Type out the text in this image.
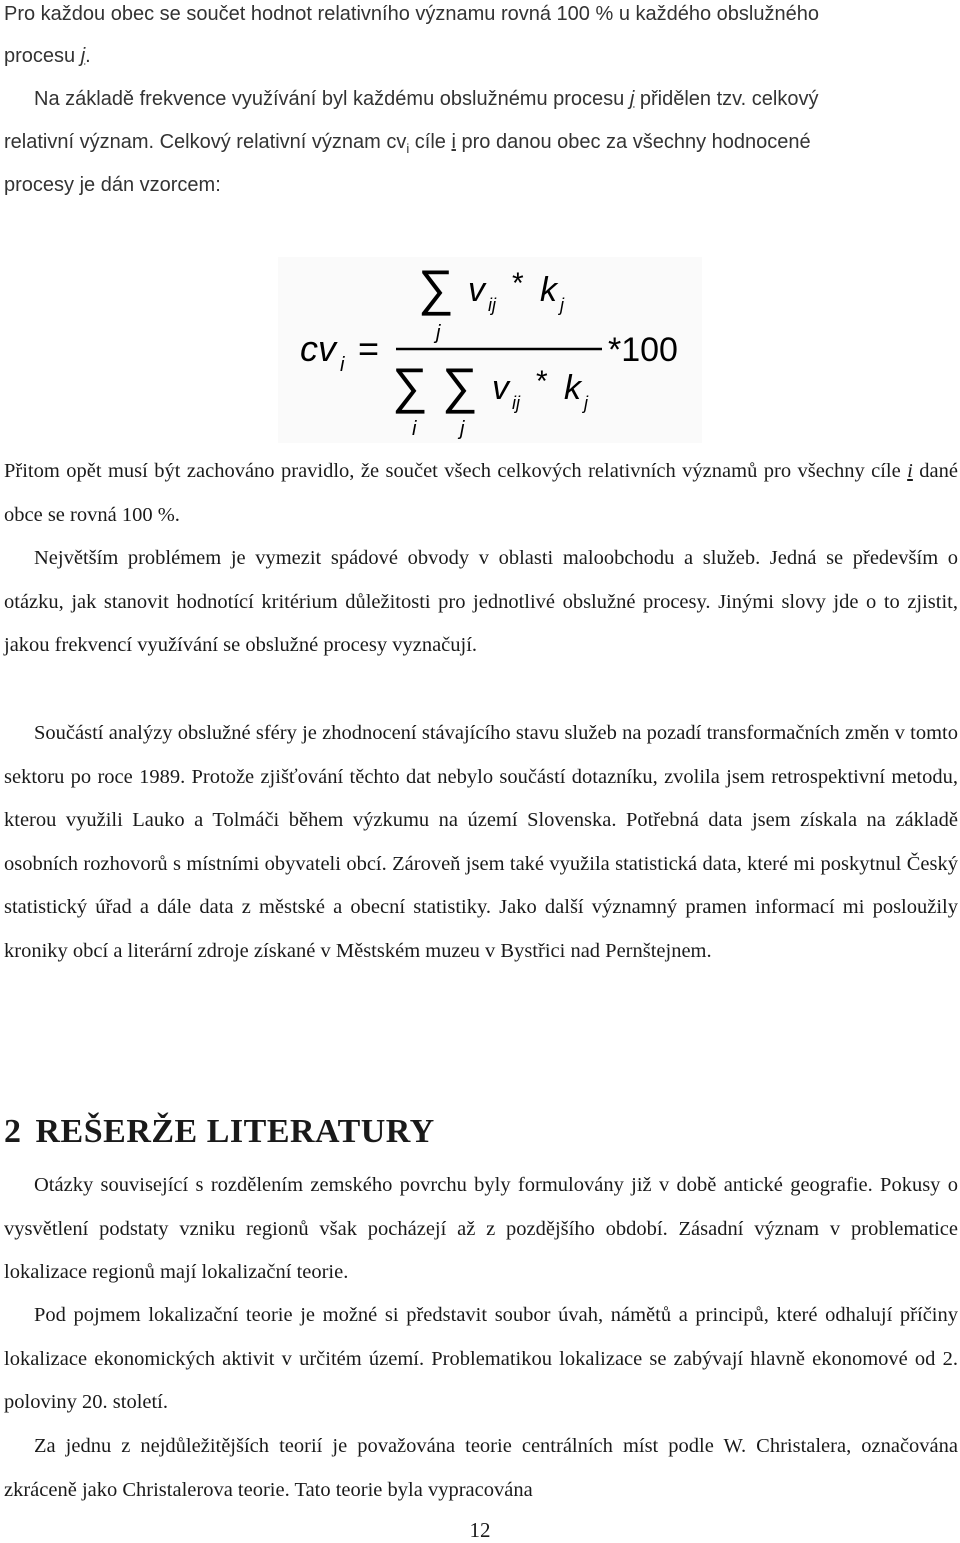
Pro každou obec se součet hodnot relativního významu rovná 100 % u každého obslužného
procesu j.
Na základě frekvence využívání byl každému obslužnému procesu j přidělen tzv. celkový
relativní význam. Celkový relativní význam $cv_i$ cíle i pro danou obec za všechny hodnocené
procesy je dán vzorcem:
∑ v ij
* k j
j
cv i =	*100
∑ ∑ v ij
* k j
i j

Přitom opět musí být zachováno pravidlo, že součet všech celkových relativních významů pro všechny cíle i dané obce se rovná 100 %.

Největším problémem je vymezit spádové obvody v oblasti maloobchodu a služeb. Jedná se především o otázku, jak stanovit hodnotící kritérium důležitosti pro jednotlivé obslužné procesy. Jinými slovy jde o to zjistit, jakou frekvencí využívání se obslužné procesy vyznačují.

Součástí analýzy obslužné sféry je zhodnocení stávajícího stavu služeb na pozadí transformačních změn v tomto sektoru po roce 1989. Protože zjišťování těchto dat nebylo součástí dotazníku, zvolila jsem retrospektivní metodu, kterou využili Lauko a Tolmáči během výzkumu na území Slovenska. Potřebná data jsem získala na základě osobních rozhovorů s místními obyvateli obcí. Zároveň jsem také využila statistická data, které mi poskytnul Český statistický úřad a dále data z městské a obecní statistiky. Jako další významný pramen informací mi posloužily kroniky obcí a literární zdroje získané v Městském muzeu v Bystřici nad Pernštejnem.

2 REŠERŽE LITERATURY

Otázky související s rozdělením zemského povrchu byly formulovány již v době antické geografie. Pokusy o vysvětlení podstaty vzniku regionů však pocházejí až z pozdějšího období. Zásadní význam v problematice lokalizace regionů mají lokalizační teorie.

Pod pojmem lokalizační teorie je možné si představit soubor úvah, námětů a principů, které odhalují příčiny lokalizace ekonomických aktivit v určitém území. Problematikou lokalizace se zabývají hlavně ekonomové od 2. poloviny 20. století.

Za jednu z nejdůležitějších teorií je považována teorie centrálních míst podle W. Christalera, označována zkráceně jako Christalerova teorie. Tato teorie byla vypracována

12
